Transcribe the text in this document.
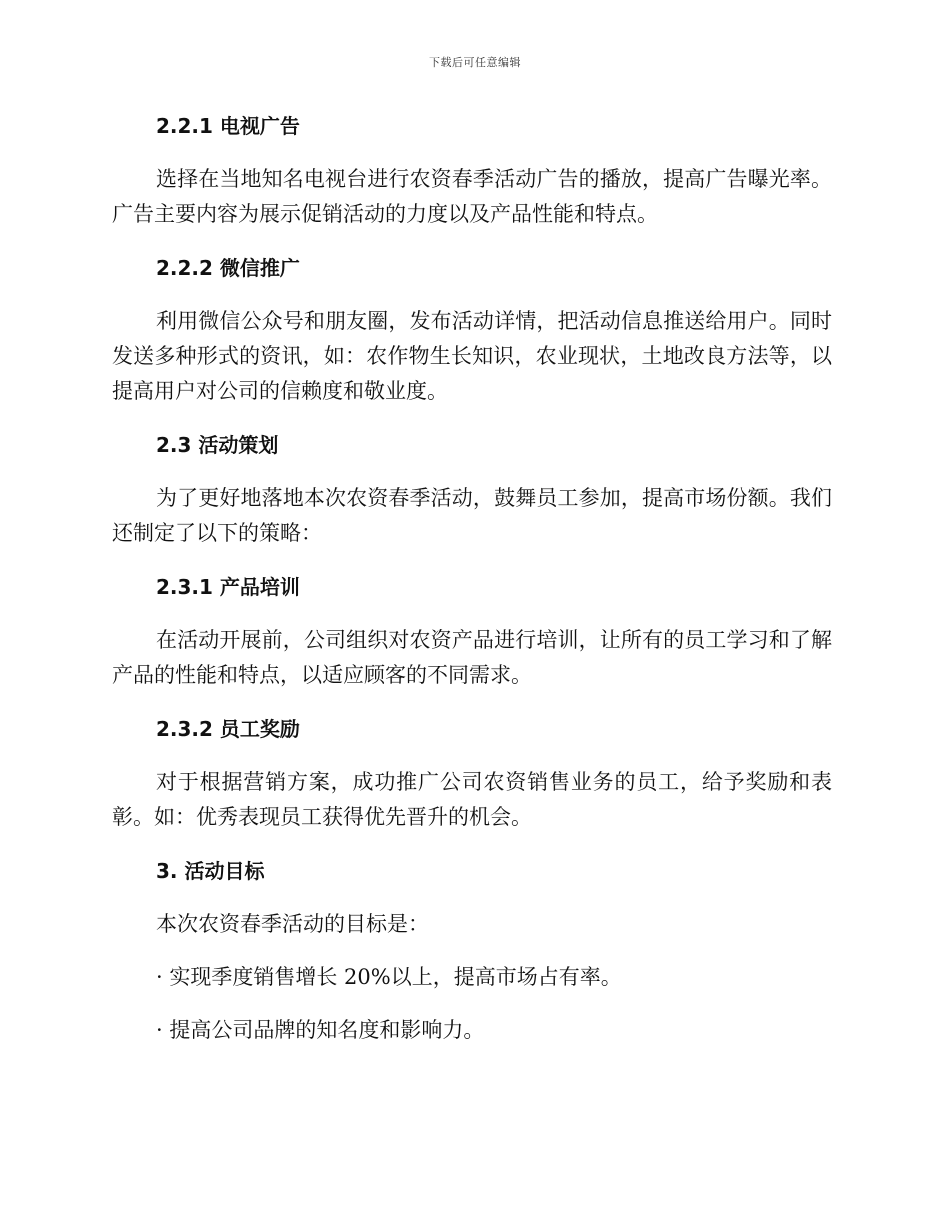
下载后可任意编辑
2.2.1 电视广告

选择在当地知名电视台进行农资春季活动广告的播放，提高广告曝光率。广告主要内容为展示促销活动的力度以及产品性能和特点。

2.2.2 微信推广

利用微信公众号和朋友圈，发布活动详情，把活动信息推送给用户。同时发送多种形式的资讯，如：农作物生长知识，农业现状，土地改良方法等，以提高用户对公司的信赖度和敬业度。

2.3 活动策划

为了更好地落地本次农资春季活动，鼓舞员工参加，提高市场份额。我们还制定了以下的策略：

2.3.1 产品培训

在活动开展前，公司组织对农资产品进行培训，让所有的员工学习和了解产品的性能和特点，以适应顾客的不同需求。

2.3.2 员工奖励

对于根据营销方案，成功推广公司农资销售业务的员工，给予奖励和表彰。如：优秀表现员工获得优先晋升的机会。

3. 活动目标

本次农资春季活动的目标是：

· 实现季度销售增长 20%以上，提高市场占有率。

· 提高公司品牌的知名度和影响力。
